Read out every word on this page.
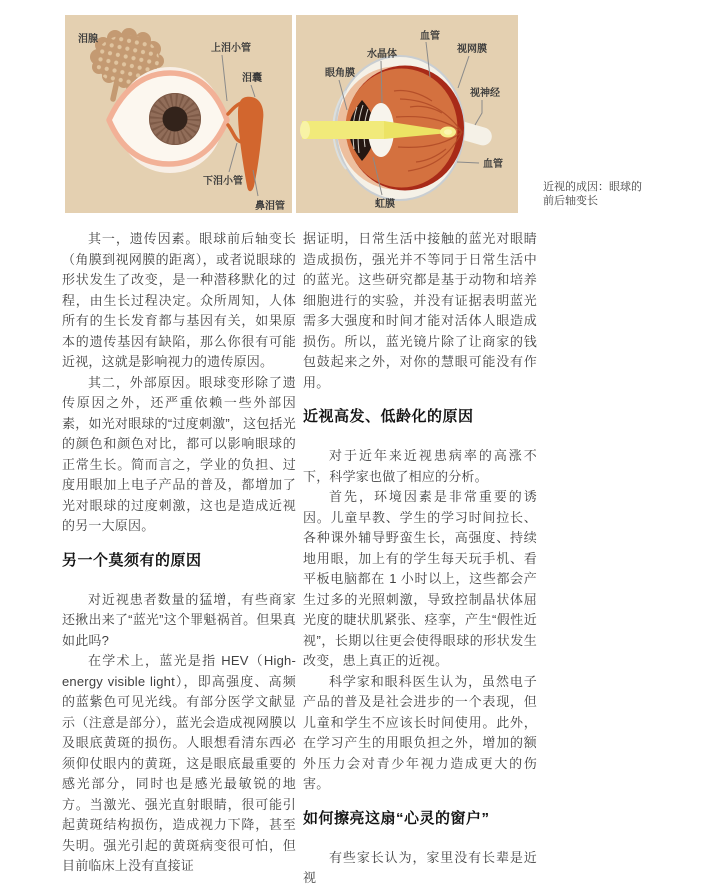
泪腺
上泪小管
泪囊
下泪小管
鼻泪管
血管
视网膜
水晶体
眼角膜
视神经
血管
虹膜
近视的成因：眼球的前后轴变长

其一，遗传因素。眼球前后轴变长（角膜到视网膜的距离），或者说眼球的形状发生了改变，是一种潜移默化的过程，由生长过程决定。众所周知，人体所有的生长发育都与基因有关，如果原本的遗传基因有缺陷，那么你很有可能近视，这就是影响视力的遗传原因。

其二，外部原因。眼球变形除了遗传原因之外，还严重依赖一些外部因素，如光对眼球的“过度刺激”，这包括光的颜色和颜色对比，都可以影响眼球的正常生长。简而言之，学业的负担、过度用眼加上电子产品的普及，都增加了光对眼球的过度刺激，这也是造成近视的另一大原因。

另一个莫须有的原因

对近视患者数量的猛增，有些商家还揪出来了“蓝光”这个罪魁祸首。但果真如此吗?

在学术上，蓝光是指 HEV（High-energy visible light），即高强度、高频的蓝紫色可见光线。有部分医学文献显示（注意是部分），蓝光会造成视网膜以及眼底黄斑的损伤。人眼想看清东西必须仰仗眼内的黄斑，这是眼底最重要的感光部分，同时也是感光最敏锐的地方。当激光、强光直射眼睛，很可能引起黄斑结构损伤，造成视力下降，甚至失明。强光引起的黄斑病变很可怕，但目前临床上没有直接证

据证明，日常生活中接触的蓝光对眼睛造成损伤，强光并不等同于日常生活中的蓝光。这些研究都是基于动物和培养细胞进行的实验，并没有证据表明蓝光需多大强度和时间才能对活体人眼造成损伤。所以，蓝光镜片除了让商家的钱包鼓起来之外，对你的慧眼可能没有作用。

近视高发、低龄化的原因

对于近年来近视患病率的高涨不下，科学家也做了相应的分析。

首先，环境因素是非常重要的诱因。儿童早教、学生的学习时间拉长、各种课外辅导野蛮生长，高强度、持续地用眼，加上有的学生每天玩手机、看平板电脑都在 1 小时以上，这些都会产生过多的光照刺激，导致控制晶状体屈光度的睫状肌紧张、痉挛，产生“假性近视”，长期以往更会使得眼球的形状发生改变，患上真正的近视。

科学家和眼科医生认为，虽然电子产品的普及是社会进步的一个表现，但儿童和学生不应该长时间使用。此外，在学习产生的用眼负担之外，增加的额外压力会对青少年视力造成更大的伤害。

如何擦亮这扇“心灵的窗户”

有些家长认为，家里没有长辈是近视
